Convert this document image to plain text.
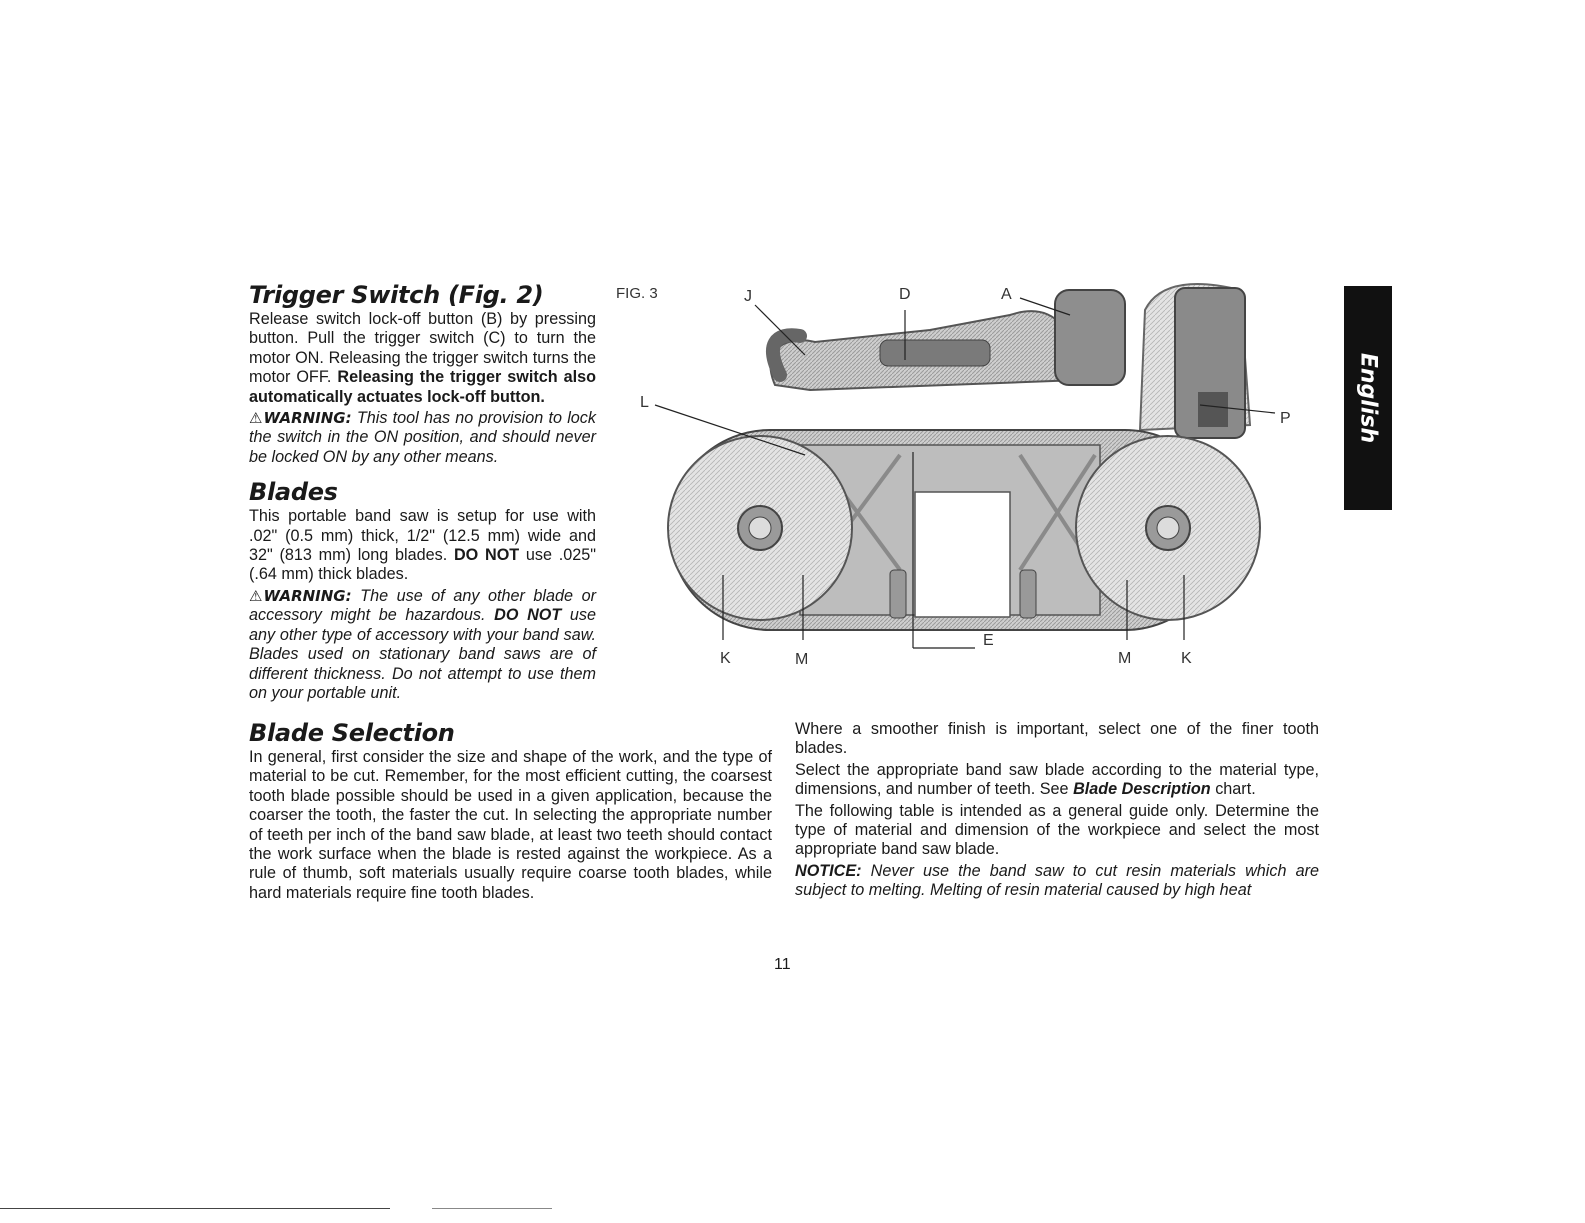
Trigger Switch (Fig. 2)

Release switch lock-off button (B) by pressing button. Pull the trigger switch (C) to turn the motor ON. Releasing the trigger switch turns the motor OFF. Releasing the trigger switch also automatically actuates lock-off button.

⚠WARNING: This tool has no provision to lock the switch in the ON position, and should never be locked ON by any other means.

Blades

This portable band saw is setup for use with .02" (0.5 mm) thick, 1/2" (12.5 mm) wide and 32" (813 mm) long blades. DO NOT use .025" (.64 mm) thick blades.

⚠WARNING: The use of any other blade or accessory might be hazardous. DO NOT use any other type of accessory with your band saw. Blades used on stationary band saws are of different thickness. Do not attempt to use them on your portable unit.

Blade Selection

In general, first consider the size and shape of the work, and the type of material to be cut. Remember, for the most efficient cutting, the coarsest tooth blade possible should be used in a given application, because the coarser the tooth, the faster the cut. In selecting the appropriate number of teeth per inch of the band saw blade, at least two teeth should contact the work surface when the blade is rested against the workpiece. As a rule of thumb, soft materials usually require coarse tooth blades, while hard materials require fine tooth blades.

Where a smoother finish is important, select one of the finer tooth blades.

Select the appropriate band saw blade according to the material type, dimensions, and number of teeth. See Blade Description chart.

The following table is intended as a general guide only. Determine the type of material and dimension of the workpiece and select the most appropriate band saw blade.

NOTICE: Never use the band saw to cut resin materials which are subject to melting. Melting of resin material caused by high heat

FIG. 3	J	D	A
L
P
E
K	M	M	K
English
11
